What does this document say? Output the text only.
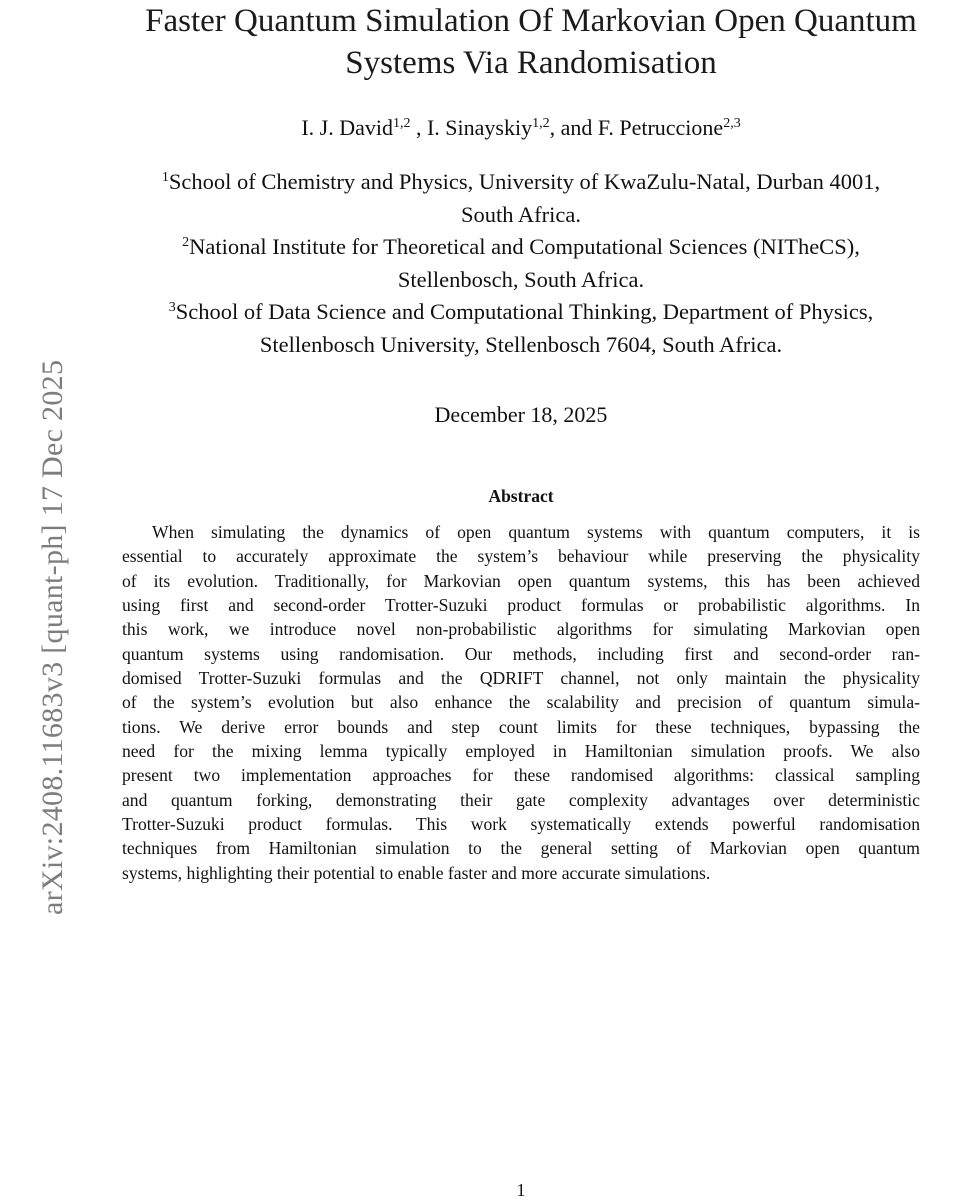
arXiv:2408.11683v3 [quant-ph] 17 Dec 2025
Faster Quantum Simulation Of Markovian Open Quantum
Systems Via Randomisation
I. J. David$^{1,2}$ , I. Sinayskiy$^{1,2}$, and F. Petruccione$^{2,3}$
$^1$School of Chemistry and Physics, University of KwaZulu-Natal, Durban 4001,
South Africa.
$^2$National Institute for Theoretical and Computational Sciences (NITheCS),
Stellenbosch, South Africa.
$^3$School of Data Science and Computational Thinking, Department of Physics,
Stellenbosch University, Stellenbosch 7604, South Africa.
December 18, 2025
Abstract
When simulating the dynamics of open quantum systems with quantum computers, it is
essential to accurately approximate the system’s behaviour while preserving the physicality
of its evolution. Traditionally, for Markovian open quantum systems, this has been achieved
using first and second-order Trotter-Suzuki product formulas or probabilistic algorithms. In
this work, we introduce novel non-probabilistic algorithms for simulating Markovian open
quantum systems using randomisation. Our methods, including first and second-order ran-
domised Trotter-Suzuki formulas and the QDRIFT channel, not only maintain the physicality
of the system’s evolution but also enhance the scalability and precision of quantum simula-
tions. We derive error bounds and step count limits for these techniques, bypassing the
need for the mixing lemma typically employed in Hamiltonian simulation proofs. We also
present two implementation approaches for these randomised algorithms: classical sampling
and quantum forking, demonstrating their gate complexity advantages over deterministic
Trotter-Suzuki product formulas. This work systematically extends powerful randomisation
techniques from Hamiltonian simulation to the general setting of Markovian open quantum
systems, highlighting their potential to enable faster and more accurate simulations.
1
